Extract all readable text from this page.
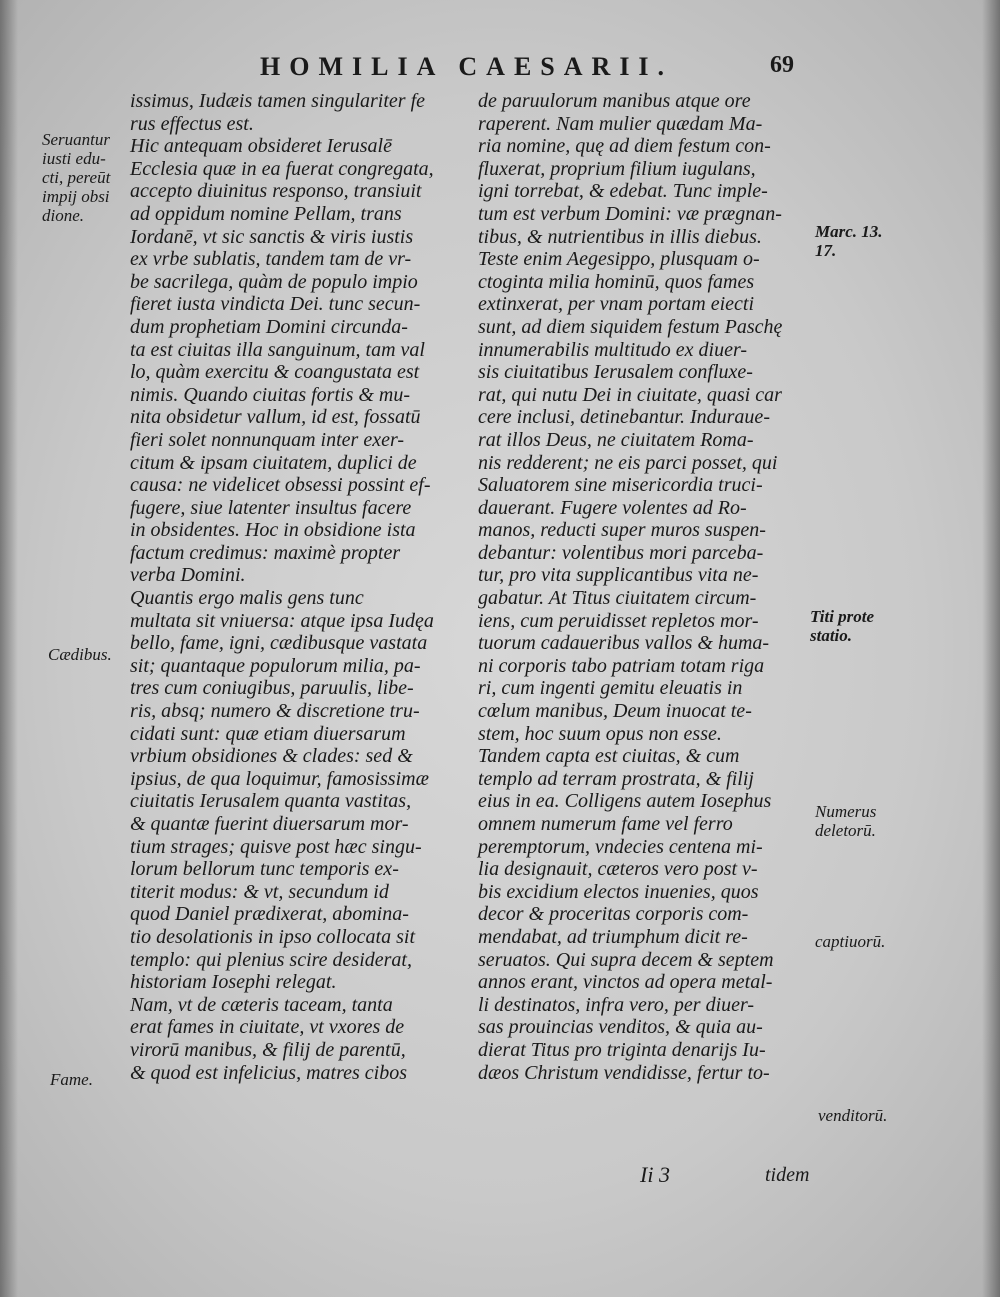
HOMILIA CAESARII.	69
issimus, Iudæis tamen singulariter fe
rus effectus est.
Hic antequam obsideret Ierusalē
Ecclesia quæ in ea fuerat congregata,
accepto diuinitus responso, transiuit
ad oppidum nomine Pellam, trans
Iordanē, vt sic sanctis & viris iustis
ex vrbe sublatis, tandem tam de vr-
be sacrilega, quàm de populo impio
fieret iusta vindicta Dei. tunc secun-
dum prophetiam Domini circunda-
ta est ciuitas illa sanguinum, tam val
lo, quàm exercitu & coangustata est
nimis. Quando ciuitas fortis & mu-
nita obsidetur vallum, id est, fossatū
fieri solet nonnunquam inter exer-
citum & ipsam ciuitatem, duplici de
causa: ne videlicet obsessi possint ef-
fugere, siue latenter insultus facere
in obsidentes. Hoc in obsidione ista
factum credimus: maximè propter
verba Domini.
Quantis ergo malis gens tunc
multata sit vniuersa: atque ipsa Iudęa
bello, fame, igni, cædibusque vastata
sit; quantaque populorum milia, pa-
tres cum coniugibus, paruulis, libe-
ris, absq; numero & discretione tru-
cidati sunt: quæ etiam diuersarum
vrbium obsidiones & clades: sed &
ipsius, de qua loquimur, famosissimæ
ciuitatis Ierusalem quanta vastitas,
& quantæ fuerint diuersarum mor-
tium strages; quisve post hæc singu-
lorum bellorum tunc temporis ex-
titerit modus: & vt, secundum id
quod Daniel prædixerat, abomina-
tio desolationis in ipso collocata sit
templo: qui plenius scire desiderat,
historiam Iosephi relegat.
Nam, vt de cæteris taceam, tanta
erat fames in ciuitate, vt vxores de
virorū manibus, & filij de parentū,
& quod est infelicius, matres cibos
de paruulorum manibus atque ore
raperent. Nam mulier quædam Ma-
ria nomine, quę ad diem festum con-
fluxerat, proprium filium iugulans,
igni torrebat, & edebat. Tunc imple-
tum est verbum Domini: væ prægnan-
tibus, & nutrientibus in illis diebus.
Teste enim Aegesippo, plusquam o-
ctoginta milia hominū, quos fames
extinxerat, per vnam portam eiecti
sunt, ad diem siquidem festum Paschę
innumerabilis multitudo ex diuer-
sis ciuitatibus Ierusalem confluxe-
rat, qui nutu Dei in ciuitate, quasi car
cere inclusi, detinebantur. Induraue-
rat illos Deus, ne ciuitatem Roma-
nis redderent; ne eis parci posset, qui
Saluatorem sine misericordia truci-
dauerant. Fugere volentes ad Ro-
manos, reducti super muros suspen-
debantur: volentibus mori parceba-
tur, pro vita supplicantibus vita ne-
gabatur. At Titus ciuitatem circum-
iens, cum peruidisset repletos mor-
tuorum cadaueribus vallos & huma-
ni corporis tabo patriam totam riga
ri, cum ingenti gemitu eleuatis in
cœlum manibus, Deum inuocat te-
stem, hoc suum opus non esse.
Tandem capta est ciuitas, & cum
templo ad terram prostrata, & filij
eius in ea. Colligens autem Iosephus
omnem numerum fame vel ferro
peremptorum, vndecies centena mi-
lia designauit, cæteros vero post v-
bis excidium electos inuenies, quos
decor & proceritas corporis com-
mendabat, ad triumphum dicit re-
seruatos. Qui supra decem & septem
annos erant, vinctos ad opera metal-
li destinatos, infra vero, per diuer-
sas prouincias venditos, & quia au-
dierat Titus pro triginta denarijs Iu-
dæos Christum vendidisse, fertur to-
Seruantur
iusti edu-
cti, pereūt
impij obsi
dione.
Cædibus.
Fame.
Marc. 13.
17.
Titi prote
statio.
Numerus
deletorū.
captiuorū.
venditorū.
Ii 3	tidem
